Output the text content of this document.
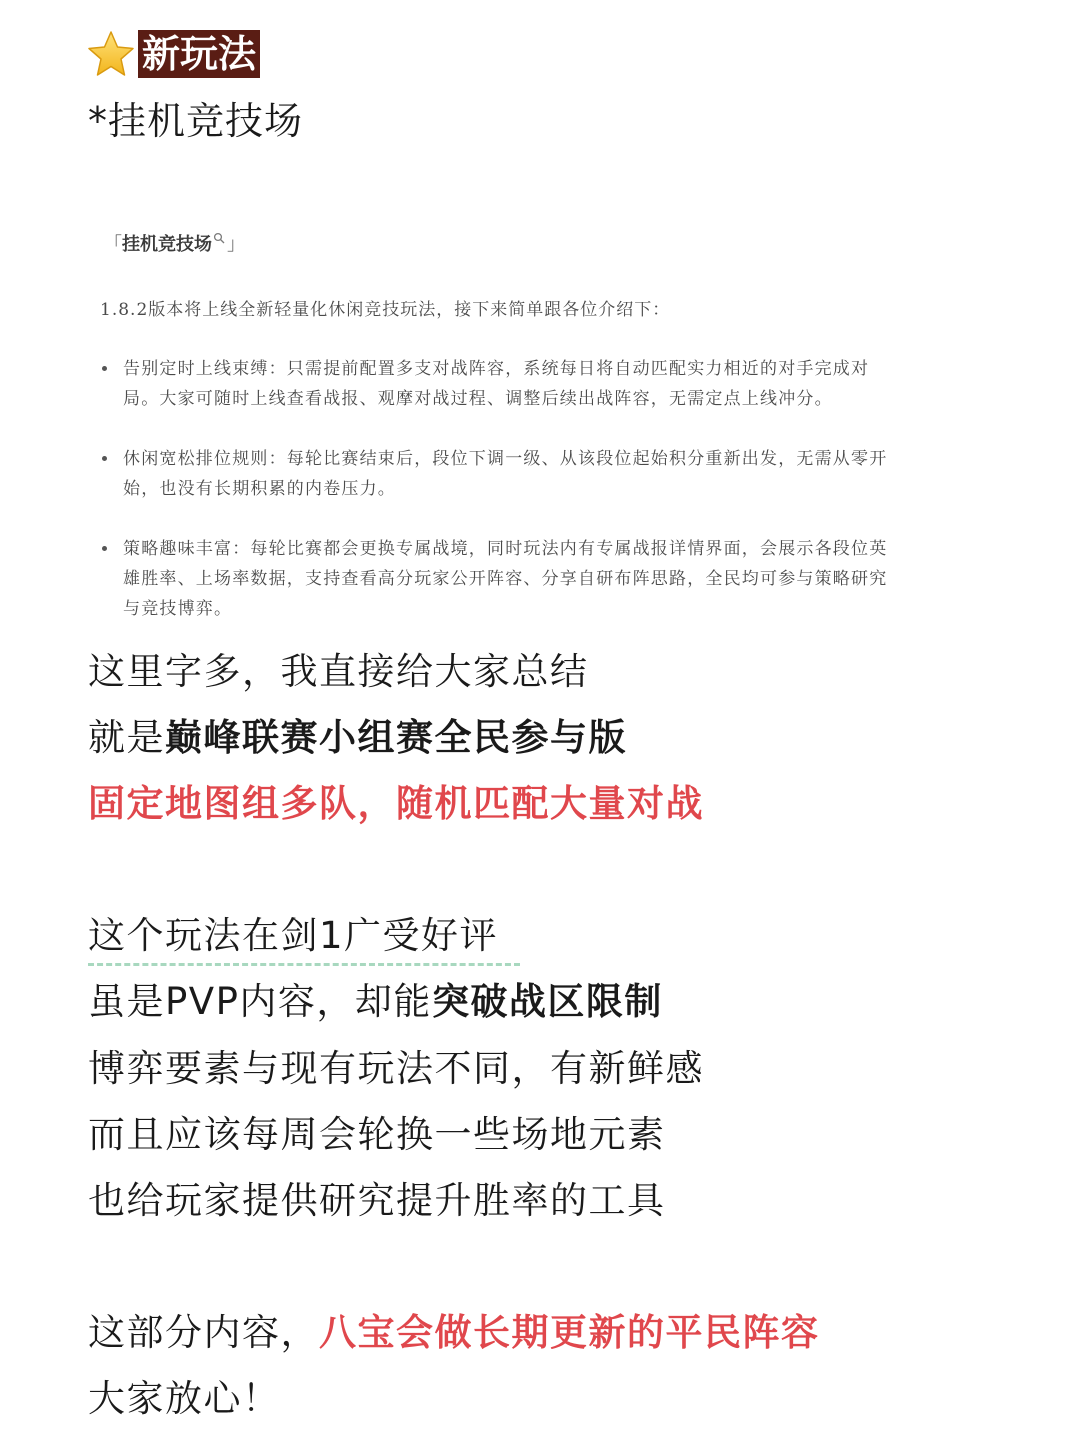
新玩法
*挂机竞技场
「挂机竞技场 」
1.8.2版本将上线全新轻量化休闲竞技玩法，接下来简单跟各位介绍下：
告别定时上线束缚：只需提前配置多支对战阵容，系统每日将自动匹配实力相近的对手完成对
局。大家可随时上线查看战报、观摩对战过程、调整后续出战阵容，无需定点上线冲分。
休闲宽松排位规则：每轮比赛结束后，段位下调一级、从该段位起始积分重新出发，无需从零开
始，也没有长期积累的内卷压力。
策略趣味丰富：每轮比赛都会更换专属战境，同时玩法内有专属战报详情界面，会展示各段位英
雄胜率、上场率数据，支持查看高分玩家公开阵容、分享自研布阵思路，全民均可参与策略研究
与竞技博弈。
这里字多，我直接给大家总结
就是巅峰联赛小组赛全民参与版
固定地图组多队，随机匹配大量对战
这个玩法在剑1广受好评
虽是PVP内容，却能突破战区限制
博弈要素与现有玩法不同，有新鲜感
而且应该每周会轮换一些场地元素
也给玩家提供研究提升胜率的工具
这部分内容，八宝会做长期更新的平民阵容
大家放心！
